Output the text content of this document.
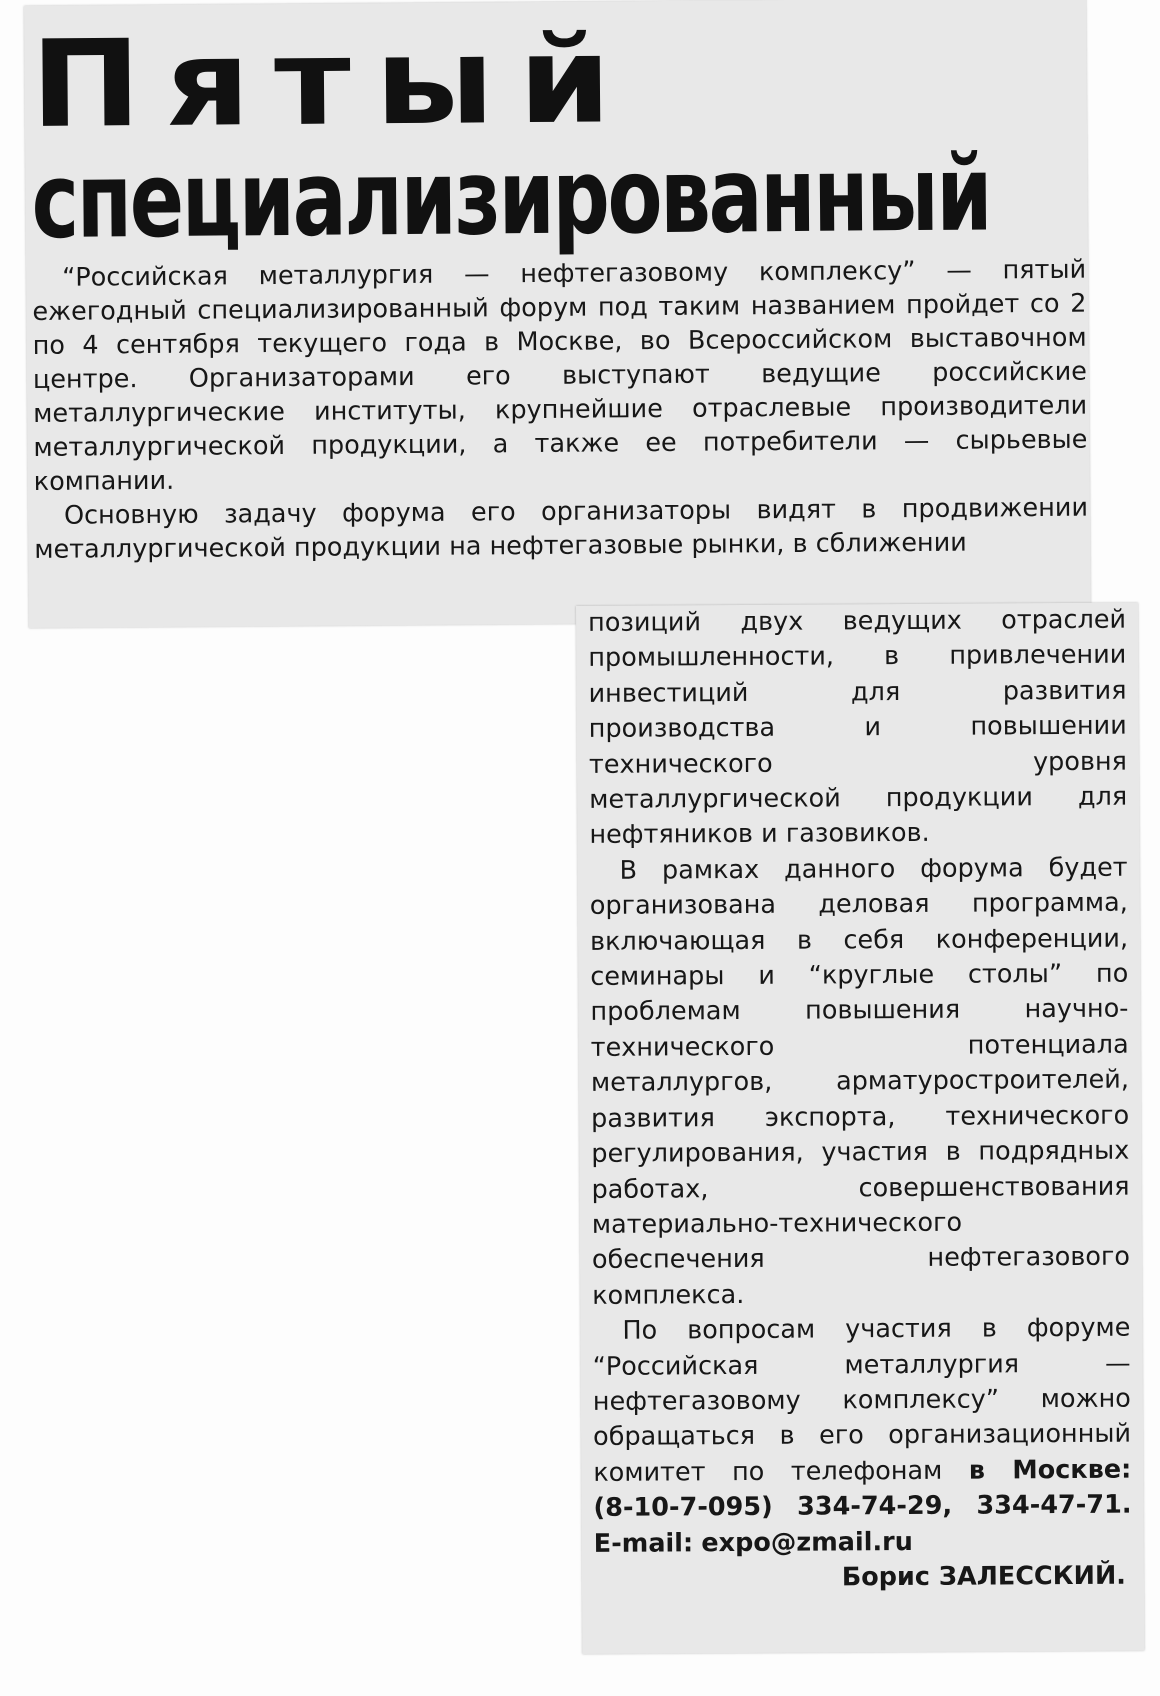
Пятый
специализированный

“Российская металлургия — нефтегазовому комплексу” — пятый ежегодный специализированный форум под таким названием пройдет со 2 по 4 сентября текущего года в Москве, во Всероссийском выставочном центре. Организаторами его выступают ведущие российские металлургические институты, крупнейшие отраслевые производители металлургической продукции, а также ее потребители — сырьевые компании.

Основную задачу форума его организаторы видят в продвижении металлургической продукции на нефтегазовые рынки, в сближении

позиций двух ведущих отраслей промышленности, в привлечении инвестиций для развития производства и повышении технического уровня металлургической продукции для нефтяников и газовиков.

В рамках данного форума будет организована деловая программа, включающая в себя конференции, семинары и “круглые столы” по проблемам повышения научно-технического потенциала металлургов, арматуростроителей, развития экспорта, технического регулирования, участия в подрядных работах, совершенствования материально-технического обеспечения нефтегазового комплекса.

По вопросам участия в форуме “Российская металлургия — нефтегазовому комплексу” можно обращаться в его организационный комитет по телефонам в Москве: (8-10-7-095) 334-74-29, 334-47-71. E-mail: expo@zmail.ru

Борис ЗАЛЕССКИЙ.
